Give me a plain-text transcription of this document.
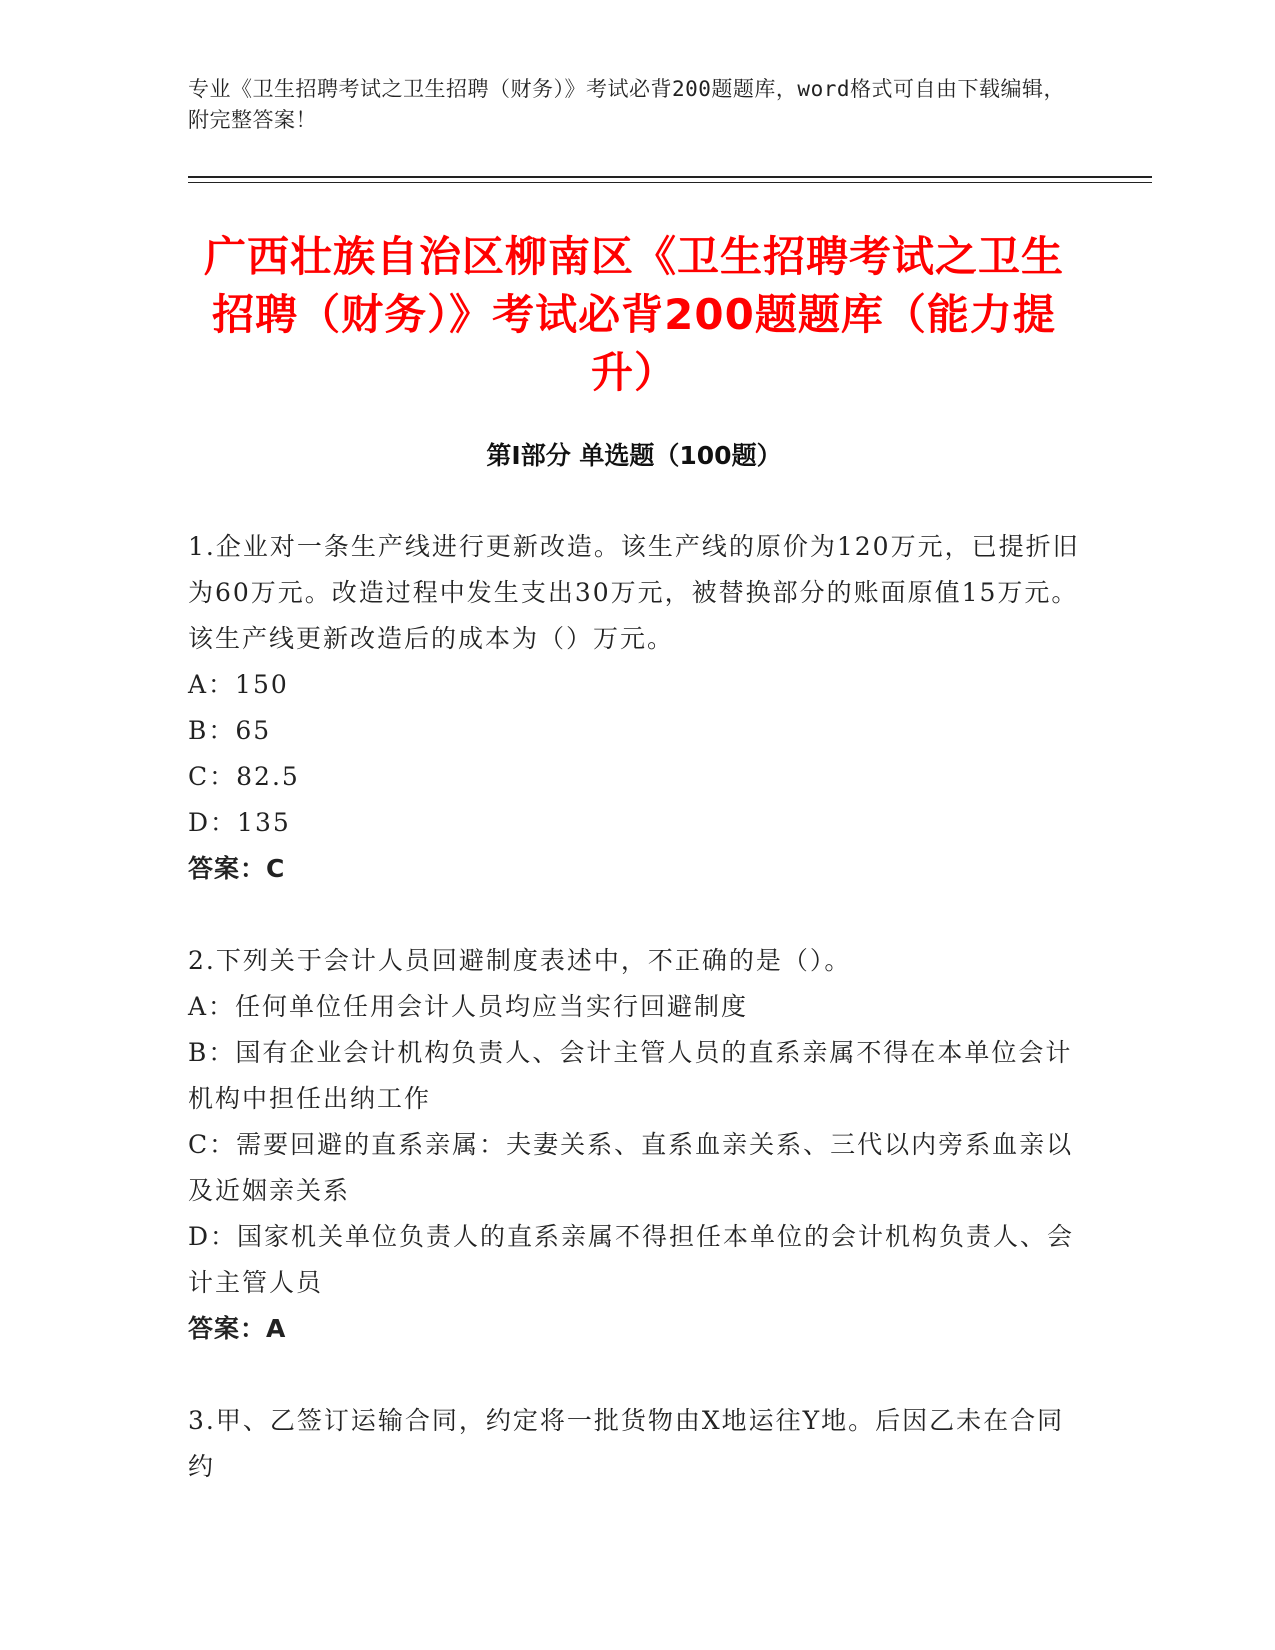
专业《卫生招聘考试之卫生招聘（财务）》考试必背200题题库，word格式可自由下载编辑，附完整答案！
广西壮族自治区柳南区《卫生招聘考试之卫生招聘（财务）》考试必背200题题库（能力提升）
第I部分 单选题（100题）

1.企业对一条生产线进行更新改造。该生产线的原价为120万元，已提折旧为60万元。改造过程中发生支出30万元，被替换部分的账面原值15万元。该生产线更新改造后的成本为（）万元。

A：150

B：65

C：82.5

D：135

答案：C

2.下列关于会计人员回避制度表述中，不正确的是（）。

A：任何单位任用会计人员均应当实行回避制度

B：国有企业会计机构负责人、会计主管人员的直系亲属不得在本单位会计机构中担任出纳工作

C：需要回避的直系亲属：夫妻关系、直系血亲关系、三代以内旁系血亲以及近姻亲关系

D：国家机关单位负责人的直系亲属不得担任本单位的会计机构负责人、会计主管人员

答案：A

3.甲、乙签订运输合同，约定将一批货物由X地运往Y地。后因乙未在合同约
